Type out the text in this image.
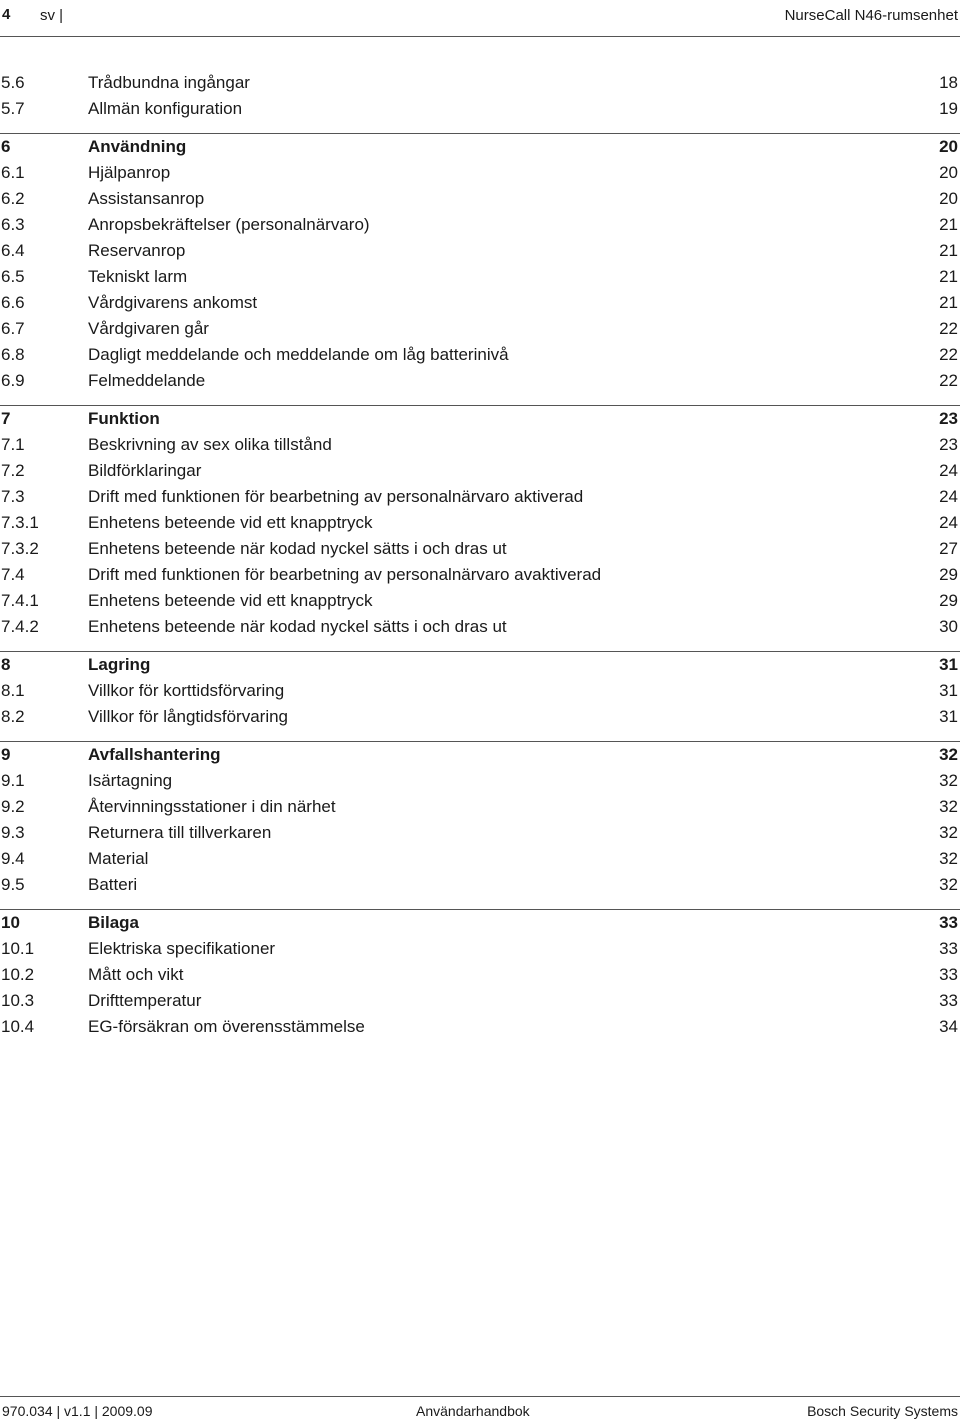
4 sv |	NurseCall N46-rumsenhet
5.6	Trådbundna ingångar	18
5.7	Allmän konfiguration	19
6	Användning	20
6.1	Hjälpanrop	20
6.2	Assistansanrop	20
6.3	Anropsbekräftelser (personalnärvaro)	21
6.4	Reservanrop	21
6.5	Tekniskt larm	21
6.6	Vårdgivarens ankomst	21
6.7	Vårdgivaren går	22
6.8	Dagligt meddelande och meddelande om låg batterinivå	22
6.9	Felmeddelande	22
7	Funktion	23
7.1	Beskrivning av sex olika tillstånd	23
7.2	Bildförklaringar	24
7.3	Drift med funktionen för bearbetning av personalnärvaro aktiverad	24
7.3.1	Enhetens beteende vid ett knapptryck	24
7.3.2	Enhetens beteende när kodad nyckel sätts i och dras ut	27
7.4	Drift med funktionen för bearbetning av personalnärvaro avaktiverad	29
7.4.1	Enhetens beteende vid ett knapptryck	29
7.4.2	Enhetens beteende när kodad nyckel sätts i och dras ut	30
8	Lagring	31
8.1	Villkor för korttidsförvaring	31
8.2	Villkor för långtidsförvaring	31
9	Avfallshantering	32
9.1	Isärtagning	32
9.2	Återvinningsstationer i din närhet	32
9.3	Returnera till tillverkaren	32
9.4	Material	32
9.5	Batteri	32
10	Bilaga	33
10.1	Elektriska specifikationer	33
10.2	Mått och vikt	33
10.3	Drifttemperatur	33
10.4	EG-försäkran om överensstämmelse	34
970.034 | v1.1 | 2009.09	Användarhandbok	Bosch Security Systems
